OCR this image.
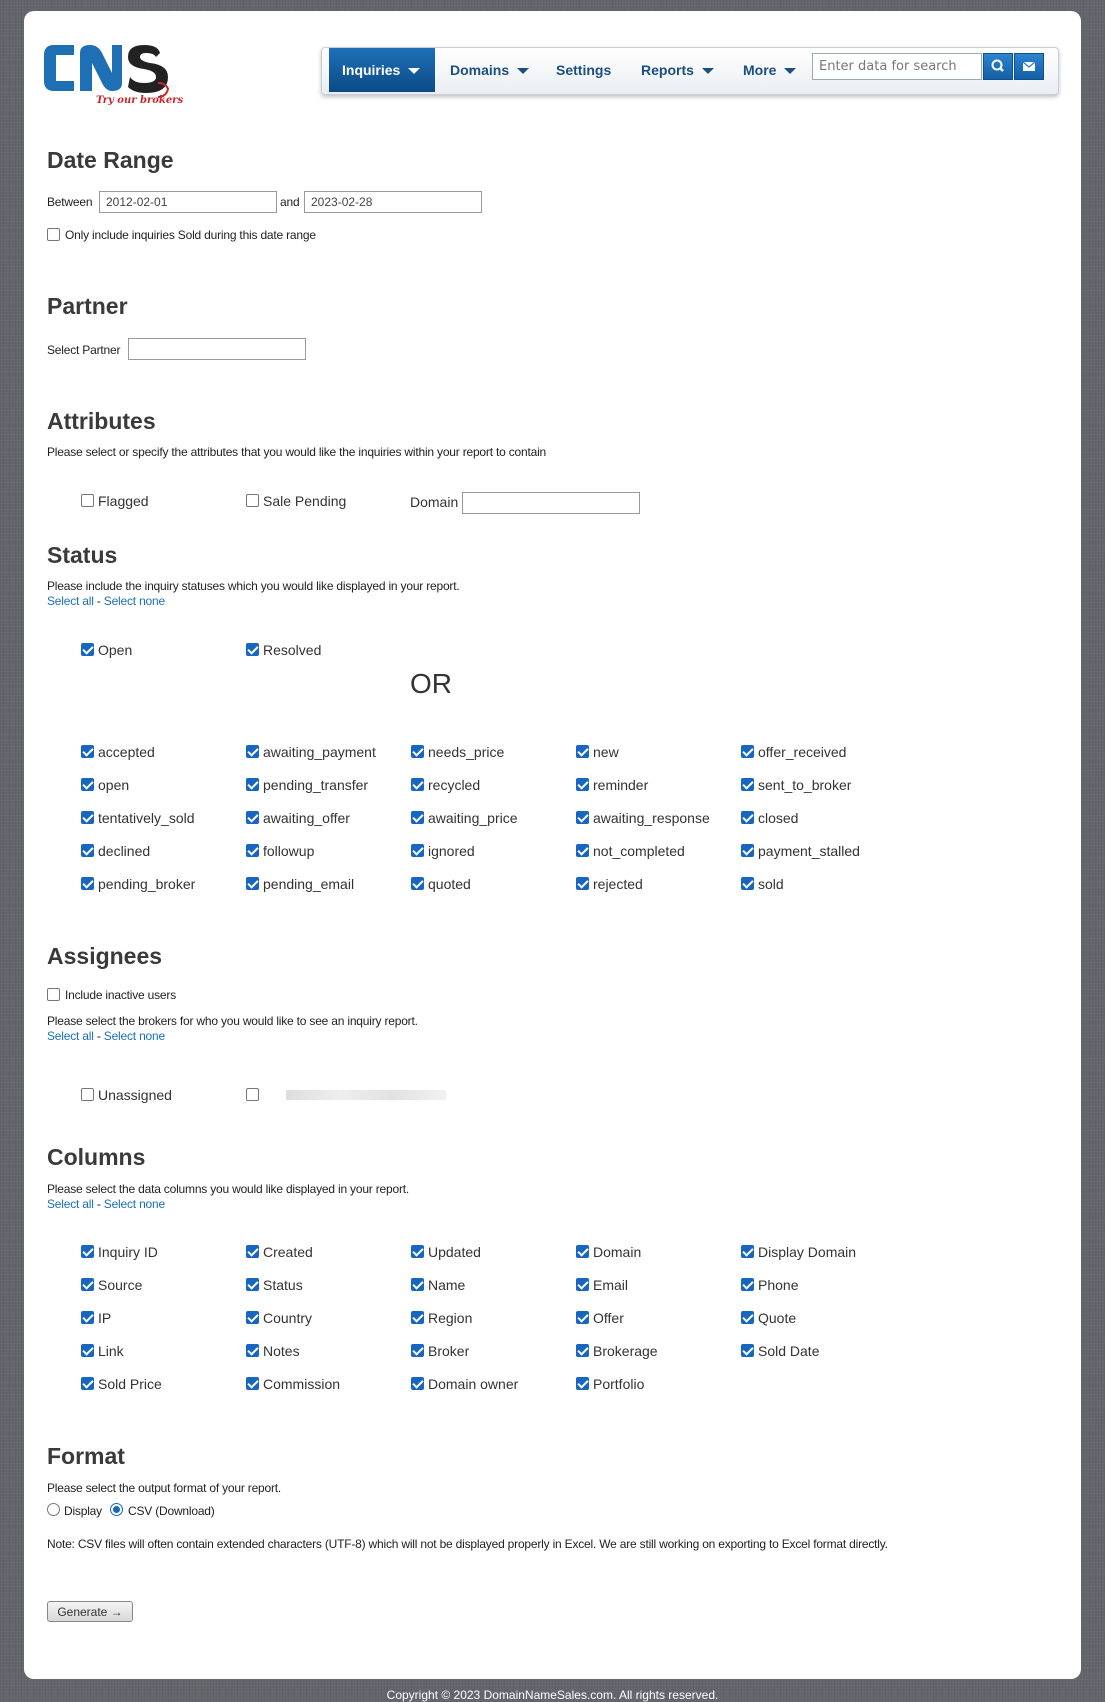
Try our brokers
Inquiries	Domains	Settings Reports	More
Enter data for search
Date Range
Between
2012-02-01	and
2023-02-28
Only include inquiries Sold during this date range
Partner
Select Partner
Attributes
Please select or specify the attributes that you would like the inquiries within your report to contain
Flagged	Sale Pending	Domain
Status
Please include the inquiry statuses which you would like displayed in your report.
Select all - Select none
Open	Resolved
OR
accepted	awaiting_payment	needs_price	new	offer_received
open	pending_transfer	recycled	reminder	sent_to_broker
tentatively_sold	awaiting_offer	awaiting_price	awaiting_response	closed
declined	followup	ignored	not_completed	payment_stalled
pending_broker	pending_email	quoted	rejected	sold
Assignees
Include inactive users
Please select the brokers for who you would like to see an inquiry report.
Select all - Select none
Unassigned
Columns
Please select the data columns you would like displayed in your report.
Select all - Select none
Inquiry ID	Created	Updated	Domain	Display Domain
Source	Status	Name	Email	Phone
IP	Country	Region	Offer	Quote
Link	Notes	Broker	Brokerage	Sold Date
Sold Price	Commission	Domain owner	Portfolio
Format
Please select the output format of your report.
Display CSV (Download)
Note: CSV files will often contain extended characters (UTF-8) which will not be displayed properly in Excel. We are still working on exporting to Excel format directly.
Generate →
Copyright © 2023 DomainNameSales.com. All rights reserved.
